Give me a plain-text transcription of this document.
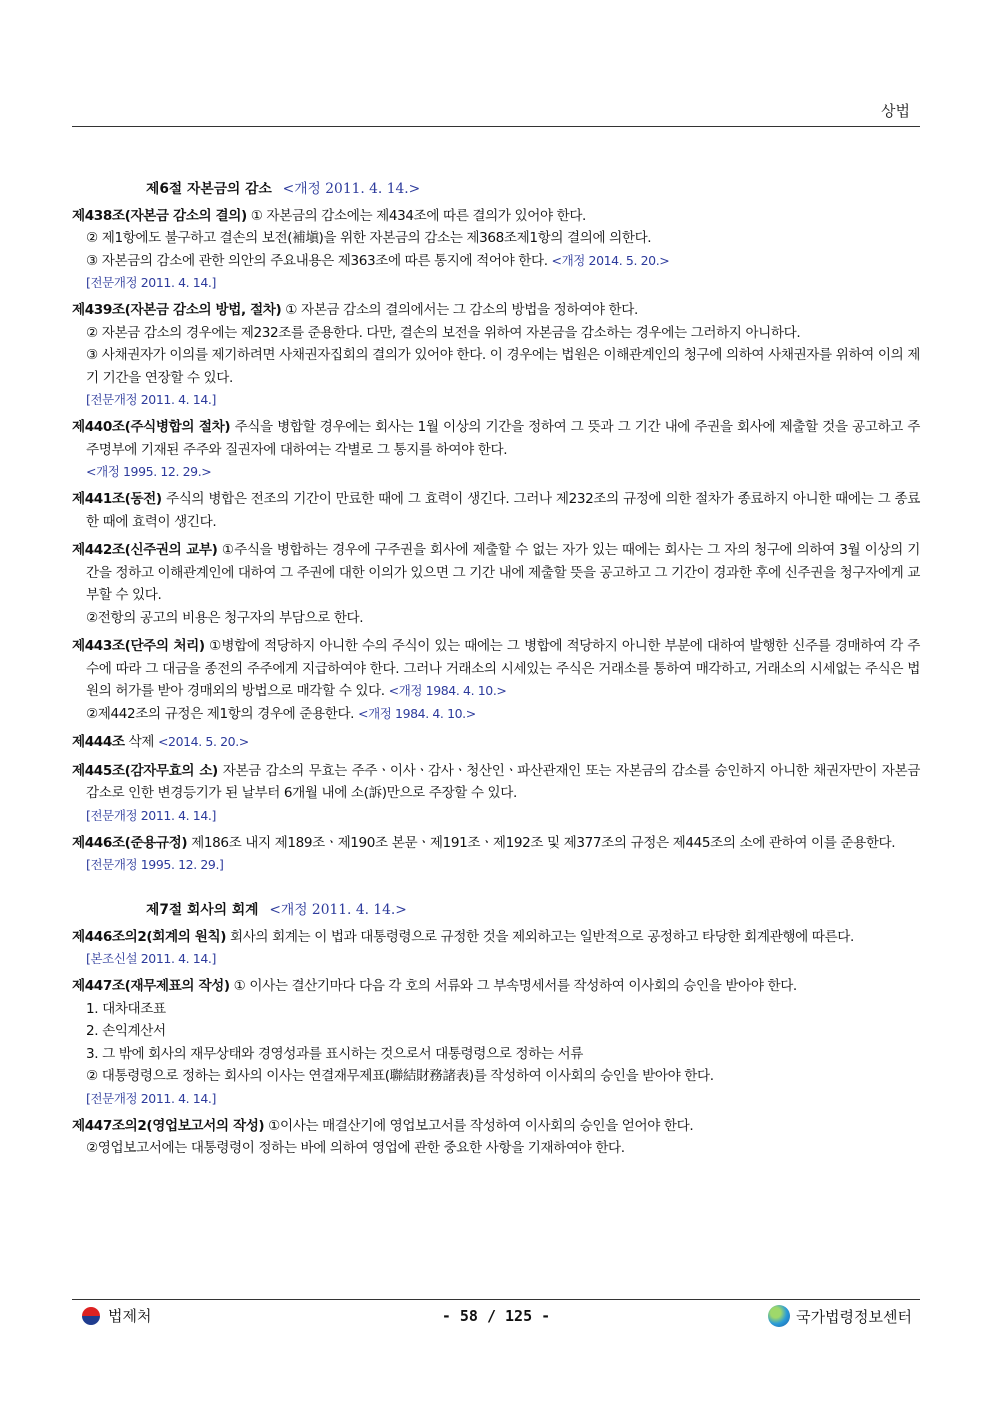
상법
제6절 자본금의 감소 <개정 2011. 4. 14.>

제438조(자본금 감소의 결의) ① 자본금의 감소에는 제434조에 따른 결의가 있어야 한다.

② 제1항에도 불구하고 결손의 보전(補塡)을 위한 자본금의 감소는 제368조제1항의 결의에 의한다.

③ 자본금의 감소에 관한 의안의 주요내용은 제363조에 따른 통지에 적어야 한다. <개정 2014. 5. 20.>

[전문개정 2011. 4. 14.]

제439조(자본금 감소의 방법, 절차) ① 자본금 감소의 결의에서는 그 감소의 방법을 정하여야 한다.

② 자본금 감소의 경우에는 제232조를 준용한다. 다만, 결손의 보전을 위하여 자본금을 감소하는 경우에는 그러하지 아니하다.

③ 사채권자가 이의를 제기하려면 사채권자집회의 결의가 있어야 한다. 이 경우에는 법원은 이해관계인의 청구에 의하여 사채권자를 위하여 이의 제기 기간을 연장할 수 있다.

[전문개정 2011. 4. 14.]

제440조(주식병합의 절차) 주식을 병합할 경우에는 회사는 1월 이상의 기간을 정하여 그 뜻과 그 기간 내에 주권을 회사에 제출할 것을 공고하고 주주명부에 기재된 주주와 질권자에 대하여는 각별로 그 통지를 하여야 한다.

<개정 1995. 12. 29.>

제441조(동전) 주식의 병합은 전조의 기간이 만료한 때에 그 효력이 생긴다. 그러나 제232조의 규정에 의한 절차가 종료하지 아니한 때에는 그 종료한 때에 효력이 생긴다.

제442조(신주권의 교부) ①주식을 병합하는 경우에 구주권을 회사에 제출할 수 없는 자가 있는 때에는 회사는 그 자의 청구에 의하여 3월 이상의 기간을 정하고 이해관계인에 대하여 그 주권에 대한 이의가 있으면 그 기간 내에 제출할 뜻을 공고하고 그 기간이 경과한 후에 신주권을 청구자에게 교부할 수 있다.

②전항의 공고의 비용은 청구자의 부담으로 한다.

제443조(단주의 처리) ①병합에 적당하지 아니한 수의 주식이 있는 때에는 그 병합에 적당하지 아니한 부분에 대하여 발행한 신주를 경매하여 각 주수에 따라 그 대금을 종전의 주주에게 지급하여야 한다. 그러나 거래소의 시세있는 주식은 거래소를 통하여 매각하고, 거래소의 시세없는 주식은 법원의 허가를 받아 경매외의 방법으로 매각할 수 있다. <개정 1984. 4. 10.>

②제442조의 규정은 제1항의 경우에 준용한다. <개정 1984. 4. 10.>

제444조 삭제 <2014. 5. 20.>

제445조(감자무효의 소) 자본금 감소의 무효는 주주ㆍ이사ㆍ감사ㆍ청산인ㆍ파산관재인 또는 자본금의 감소를 승인하지 아니한 채권자만이 자본금 감소로 인한 변경등기가 된 날부터 6개월 내에 소(訴)만으로 주장할 수 있다.

[전문개정 2011. 4. 14.]

제446조(준용규정) 제186조 내지 제189조ㆍ제190조 본문ㆍ제191조ㆍ제192조 및 제377조의 규정은 제445조의 소에 관하여 이를 준용한다.

[전문개정 1995. 12. 29.]

제7절 회사의 회계 <개정 2011. 4. 14.>

제446조의2(회계의 원칙) 회사의 회계는 이 법과 대통령령으로 규정한 것을 제외하고는 일반적으로 공정하고 타당한 회계관행에 따른다.

[본조신설 2011. 4. 14.]

제447조(재무제표의 작성) ① 이사는 결산기마다 다음 각 호의 서류와 그 부속명세서를 작성하여 이사회의 승인을 받아야 한다.

1. 대차대조표

2. 손익계산서

3. 그 밖에 회사의 재무상태와 경영성과를 표시하는 것으로서 대통령령으로 정하는 서류

② 대통령령으로 정하는 회사의 이사는 연결재무제표(聯結財務諸表)를 작성하여 이사회의 승인을 받아야 한다.

[전문개정 2011. 4. 14.]

제447조의2(영업보고서의 작성) ①이사는 매결산기에 영업보고서를 작성하여 이사회의 승인을 얻어야 한다.

②영업보고서에는 대통령령이 정하는 바에 의하여 영업에 관한 중요한 사항을 기재하여야 한다.

법제처	- 58 / 125 -	국가법령정보센터
